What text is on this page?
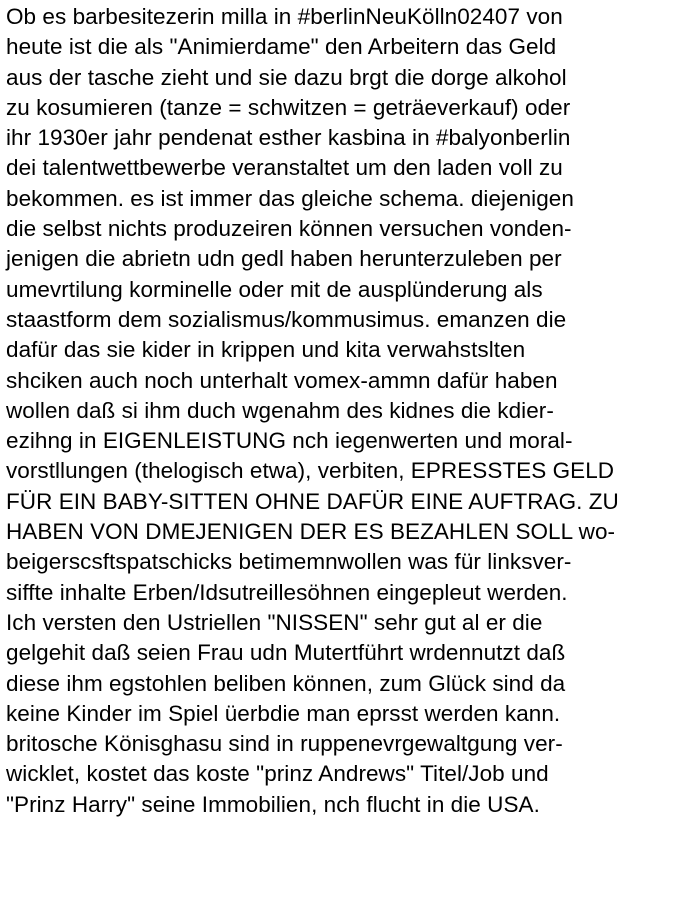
Ob es barbesitezerin milla in #berlinNeuKölln02407 von
heute ist die als "Animierdame" den Arbeitern das Geld
aus der tasche zieht und sie dazu brgt die dorge alkohol
zu kosumieren (tanze = schwitzen = geträeverkauf) oder
ihr 1930er jahr pendenat esther kasbina in #balyonberlin
dei talentwettbewerbe veranstaltet um den laden voll zu
bekommen. es ist immer das gleiche schema. diejenigen
die selbst nichts produzeiren können versuchen vonden-
jenigen die abrietn udn gedl haben herunterzuleben per
umevrtilung korminelle oder mit de ausplünderung als
staastform dem sozialismus/kommusimus. emanzen die
dafür das sie kider in krippen und kita verwahstslten
shciken auch noch unterhalt vomex-ammn dafür haben
wollen daß si ihm duch wgenahm des kidnes die kdier-
ezihng in EIGENLEISTUNG nch iegenwerten und moral-
vorstllungen (thelogisch etwa), verbiten, EPRESSTES GELD
FÜR EIN BABY-SITTEN OHNE DAFÜR EINE AUFTRAG. ZU
HABEN VON DMEJENIGEN DER ES BEZAHLEN SOLL wo-
beigerscsftspatschicks betimemnwollen was für linksver-
siffte inhalte Erben/Idsutreillesöhnen eingepleut werden.
Ich versten den Ustriellen "NISSEN" sehr gut al er die
gelgehit daß seien Frau udn Mutertführt wrdennutzt daß
diese ihm egstohlen beliben können, zum Glück sind da
keine Kinder im Spiel üerbdie man eprsst werden kann.
britosche Könisghasu sind in ruppenevrgewaltgung ver-
wicklet, kostet das koste "prinz Andrews" Titel/Job und
"Prinz Harry" seine Immobilien, nch flucht in die USA.
